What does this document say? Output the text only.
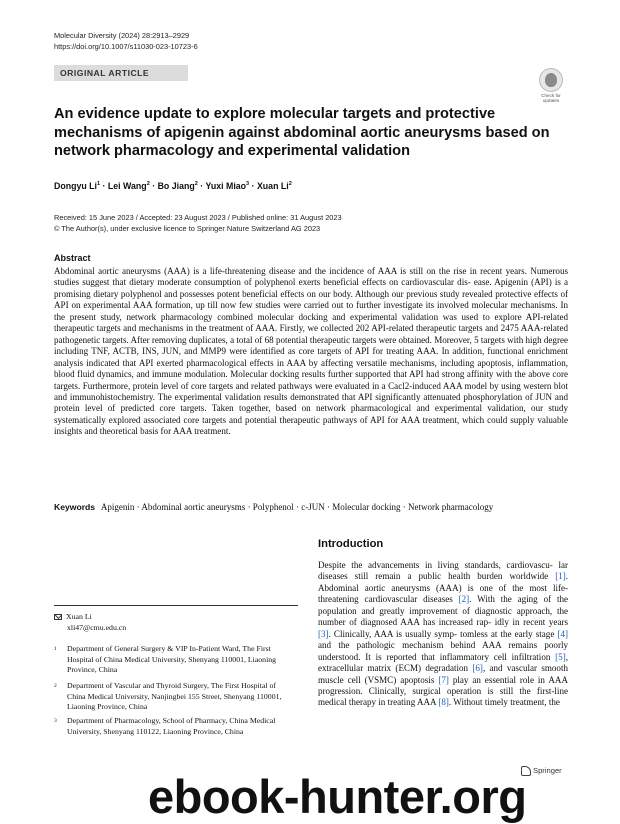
Molecular Diversity (2024) 28:2913–2929
https://doi.org/10.1007/s11030-023-10723-6
ORIGINAL ARTICLE
Check for
updates
An evidence update to explore molecular targets and protective mechanisms of apigenin against abdominal aortic aneurysms based on network pharmacology and experimental validation
Dongyu $Li^1$ · Lei Wang$^2$ · Bo Jiang$^2$ · Yuxi Miao$^3$ · Xuan Li$^2$
Received: 15 June 2023 / Accepted: 23 August 2023 / Published online: 31 August 2023
© The Author(s), under exclusive licence to Springer Nature Switzerland AG 2023
Abstract

Abdominal aortic aneurysms (AAA) is a life-threatening disease and the incidence of AAA is still on the rise in recent years. Numerous studies suggest that dietary moderate consumption of polyphenol exerts beneficial effects on cardiovascular dis- ease. Apigenin (API) is a promising dietary polyphenol and possesses potent beneficial effects on our body. Although our previous study revealed protective effects of API on experimental AAA formation, up till now few studies were carried out to further investigate its involved molecular mechanisms. In the present study, network pharmacology combined molecular docking and experimental validation was used to explore API-related therapeutic targets and mechanisms in the treatment of AAA. Firstly, we collected 202 API-related therapeutic targets and 2475 AAA-related pathogenetic targets. After removing duplicates, a total of 68 potential therapeutic targets were obtained. Moreover, 5 targets with high degree including TNF, ACTB, INS, JUN, and MMP9 were identified as core targets of API for treating AAA. In addition, functional enrichment analysis indicated that API exerted pharmacological effects in AAA by affecting versatile mechanisms, including apoptosis, inflammation, blood fluid dynamics, and immune modulation. Molecular docking results further supported that API had strong affinity with the above core targets. Furthermore, protein level of core targets and related pathways were evaluated in a Cacl2-induced AAA model by using western blot and immunohistochemistry. The experimental validation results demonstrated that API significantly attenuated phosphorylation of JUN and protein level of predicted core targets. Taken together, based on network pharmacological and experimental validation, our study systematically explored associated core targets and potential therapeutic pathways of API for AAA treatment, which could supply valuable insights and theoretical basis for AAA treatment.

Keywords Apigenin · Abdominal aortic aneurysms · Polyphenol · c-JUN · Molecular docking · Network pharmacology
Introduction

Despite the advancements in living standards, cardiovascu- lar diseases still remain a public health burden worldwide [1]. Abdominal aortic aneurysms (AAA) is one of the most life-threatening cardiovascular diseases [2]. With the aging of the population and greatly improvement of diagnostic approach, the number of diagnosed AAA has increased rap- idly in recent years [3]. Clinically, AAA is usually symp- tomless at the early stage [4] and the pathologic mechanism behind AAA remains poorly understood. It is reported that inflammatory cell infiltration [5], extracellular matrix (ECM) degradation [6], and vascular smooth muscle cell (VSMC) apoptosis [7] play an essential role in AAA progression. Clinically, surgical operation is still the first-line medical therapy in treating AAA [8]. Without timely treatment, the

Xuan Li
xli47@cmu.edu.cn
1 Department of General Surgery & VIP In-Patient Ward, The First Hospital of China Medical University, Shenyang 110001, Liaoning Province, China
2 Department of Vascular and Thyroid Surgery, The First Hospital of China Medical University, Nanjingbei 155 Street, Shenyang 110001, Liaoning Province, China
3 Department of Pharmacology, School of Pharmacy, China Medical University, Shenyang 110122, Liaoning Province, China
Springer
ebook-hunter.org
